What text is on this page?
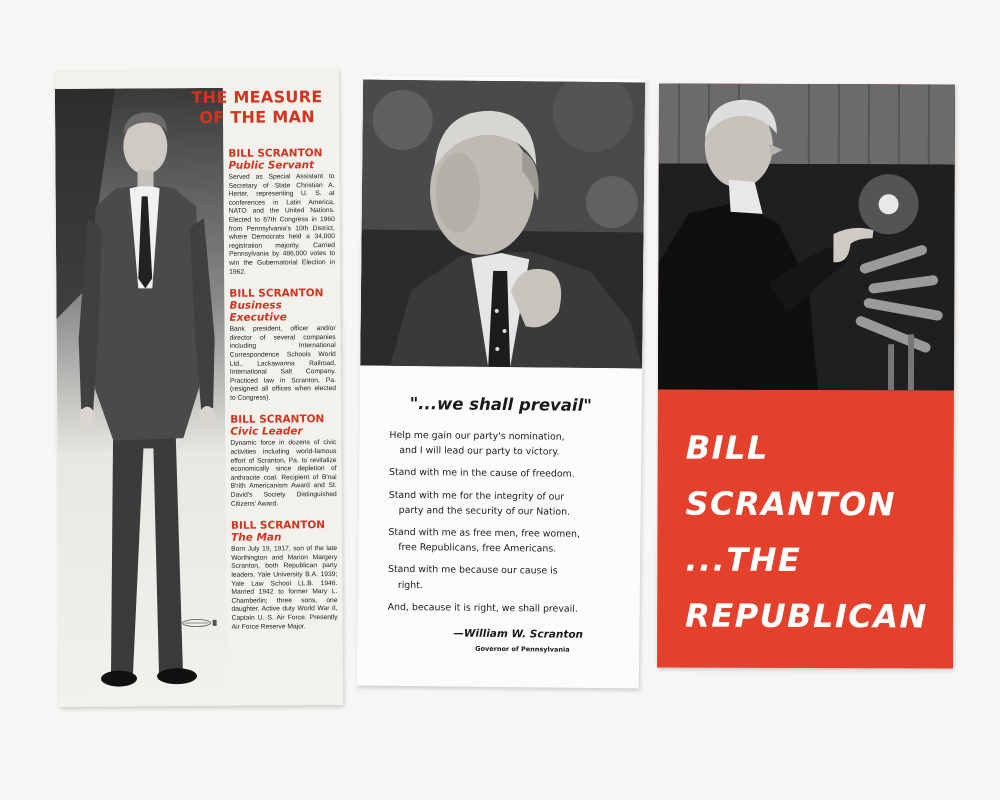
THE MEASURE OF THE MAN
BILL SCRANTON
Public Servant
Served as Special Assistant to Secretary of State Christian A. Herter, representing U. S. at conferences in Latin America, NATO and the United Nations. Elected to 87th Congress in 1960 from Pennsylvania's 10th District, where Democrats held a 34,000 registration majority. Carried Pennsylvania by 486,000 votes to win the Gubernatorial Election in 1962.
BILL SCRANTON
Business Executive
Bank president, officer and/or director of several companies including International Correspondence Schools World Ltd., Lackawanna Railroad, International Salt Company. Practiced law in Scranton, Pa. (resigned all offices when elected to Congress).
BILL SCRANTON
Civic Leader
Dynamic force in dozens of civic activities including world-famous effort of Scranton, Pa. to revitalize economically since depletion of anthracite coal. Recipient of B'nai B'rith Americanism Award and St. David's Society Distinguished Citizens' Award.
BILL SCRANTON
The Man
Born July 19, 1917, son of the late Worthington and Marion Margery Scranton, both Republican party leaders. Yale University B.A. 1939; Yale Law School LL.B. 1946. Married 1942 to former Mary L. Chamberlin; three sons, one daughter. Active duty World War II, Captain U. S. Air Force. Presently Air Force Reserve Major.
"...we shall prevail"
Help me gain our party's nomination,
and I will lead our party to victory.
Stand with me in the cause of freedom.
Stand with me for the integrity of our
party and the security of our Nation.
Stand with me as free men, free women,
free Republicans, free Americans.
Stand with me because our cause is
right.
And, because it is right, we shall prevail.
—William W. Scranton
Governor of Pennsylvania
BILL
SCRANTON
...THE
REPUBLICAN
